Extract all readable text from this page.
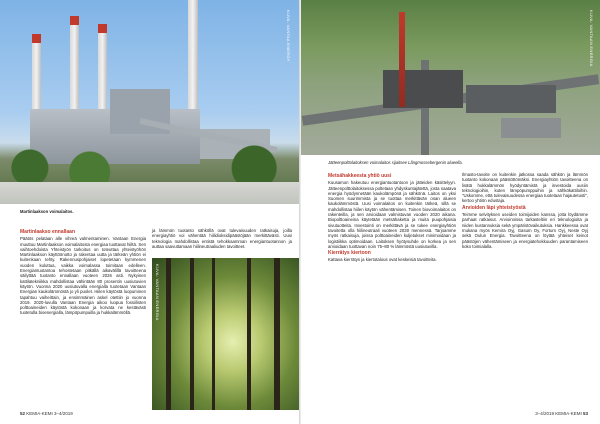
KUVA: VANTAA ENERGY
Martinlaakson voimalaitos.
Martinlaakso ennallaan

Päätös pelataan alle vihreä valmentaminen. Vantaan Energia muuttuu Martinlaakson voimalaitosta energiaa tuottavat hiiltä. Sen vaihtoehdoista Yhteistyön tarkoitus on toteuttaa yhteistyöhön Martinlaakson käyttöönotto ja rakentaa uutta ja tärkeän yhtiön ei kuitenkaan tehty. Rakennuspohjaiset lopetetaan kymmenen vuoden kuluttua, vaikka voimalassa toimitaan edelleen. Energiantuotantoa tehostetaan pitkällä aikavälillä tavoitteena säilyttää tuotanto ennallaan vuoteen 2026 asti. Nykyinen kattilatekniikka mahdollistaa vähintään 80 prosentin uusiutuvien käytön. Vuonna 2020 uusiutuvalla energialla tuotetaan Vantaan Energian kaukolämmöstä jo yli puolet. Hiilen käytöstä luopuminen tapahtuu vaiheittain, ja ensimmäinen askel otettiin jo vuonna 2019. 2020-luvulla Vantaan Energia aikoo luopua fossiilisten polttoaineiden käytöstä kokonaan ja korvata ne kestävästi tuotetulla bioenergialla, lämpöpumpuilla ja hukkalämmöllä.

ja lämmön tuotanto sähköllä ovat tulevaisuuden ratkaisuja, joilla energiayhtiö voi vähentää hiilidioksidipäästöjään merkittävästi. Uusi teknologia mahdollistaa entistä tehokkaamman energiantuotannon ja auttaa saavuttamaan hiilineutraaliuden tavoitteet.

KUVA: VANTAAN ENERGIA
52 KEMIA-KEMI 3–4/2019
KUVA: VANTAAN ENERGIA
Jätteenpolttolaitoksen voimalaitos sijaitsee Långmossebergenin alueella.
Metsähakkeesta yhtiö uusi

Kuusamon hakeutuu energiantuotantoon ja jätteiden käsittelyyn. Jätteenpolttolaitoksessa poltetaan yhdyskuntajätettä, josta saatava energia hyödynnetään kaukolämpönä ja sähkönä. Laitos on yksi Suomen suurimmista ja se tuottaa merkittävän osan alueen kaukolämmöstä. Uusi voimalaitos on kuitenkin tärkeä, sillä se mahdollistaa hiilen käytön vähentämisen. Toinen biovoimalaitos on rakenteilla, ja sen arvioidaan valmistuvan vuoden 2020 aikana. Biopolttoaineina käytetään metsähaketta ja muita puupohjaisia sivutuotteita. Investointi on merkittävä ja se tukee energiayhtiön tavoitetta olla hiilineutraali vuoteen 2030 mennessä. Tarjoamme myös ratkaisuja, joissa polttoaineiden kuljetukset minimoidaan ja logistiikka optimoidaan. Laitoksen hyötysuhde on korkea ja sen arvioidaan tuottavan noin 75–80 % lämmöstä uusiutuvilla.

Kierrätys kiertoon

Kattava kierrätys ja kiertotalous ovat keskeisiä tavoitteita.

Ilmasto-tavoite on kuitenkin jatkossa saada sähkön ja lämmön tuotanto kokonaan päästöttömäksi. Energiayhtiön tavoitteena on lisätä hukkalämmön hyödyntämistä ja investoida uusiin teknologioihin, kuten lämpöpumppuihin ja sähkökattiloihin. "Uskomme, että tulevaisuudessa energiaa tuotetaan hajautetusti", kertoo yhtiön edustaja.

Arvioiden läpi yhteistyöstä

Teimme selvityksen useiden toimijoiden kanssa, jotta löydämme parhaat ratkaisut. Arvioinnissa tarkasteltiin eri teknologioita ja niiden kustannuksia sekä ympäristövaikutuksia. Hankkeessa ovat mukana myös Kemira Oyj, Gasum Oy, Fortum Oyj, Neste Oyj sekä Oulun Energia. Tavoitteena on löytää yhteiset keinot päästöjen vähentämiseen ja energiatehokkuuden parantamiseen koko toimialalla.

3–4/2019 KEMIA-KEMI 53
